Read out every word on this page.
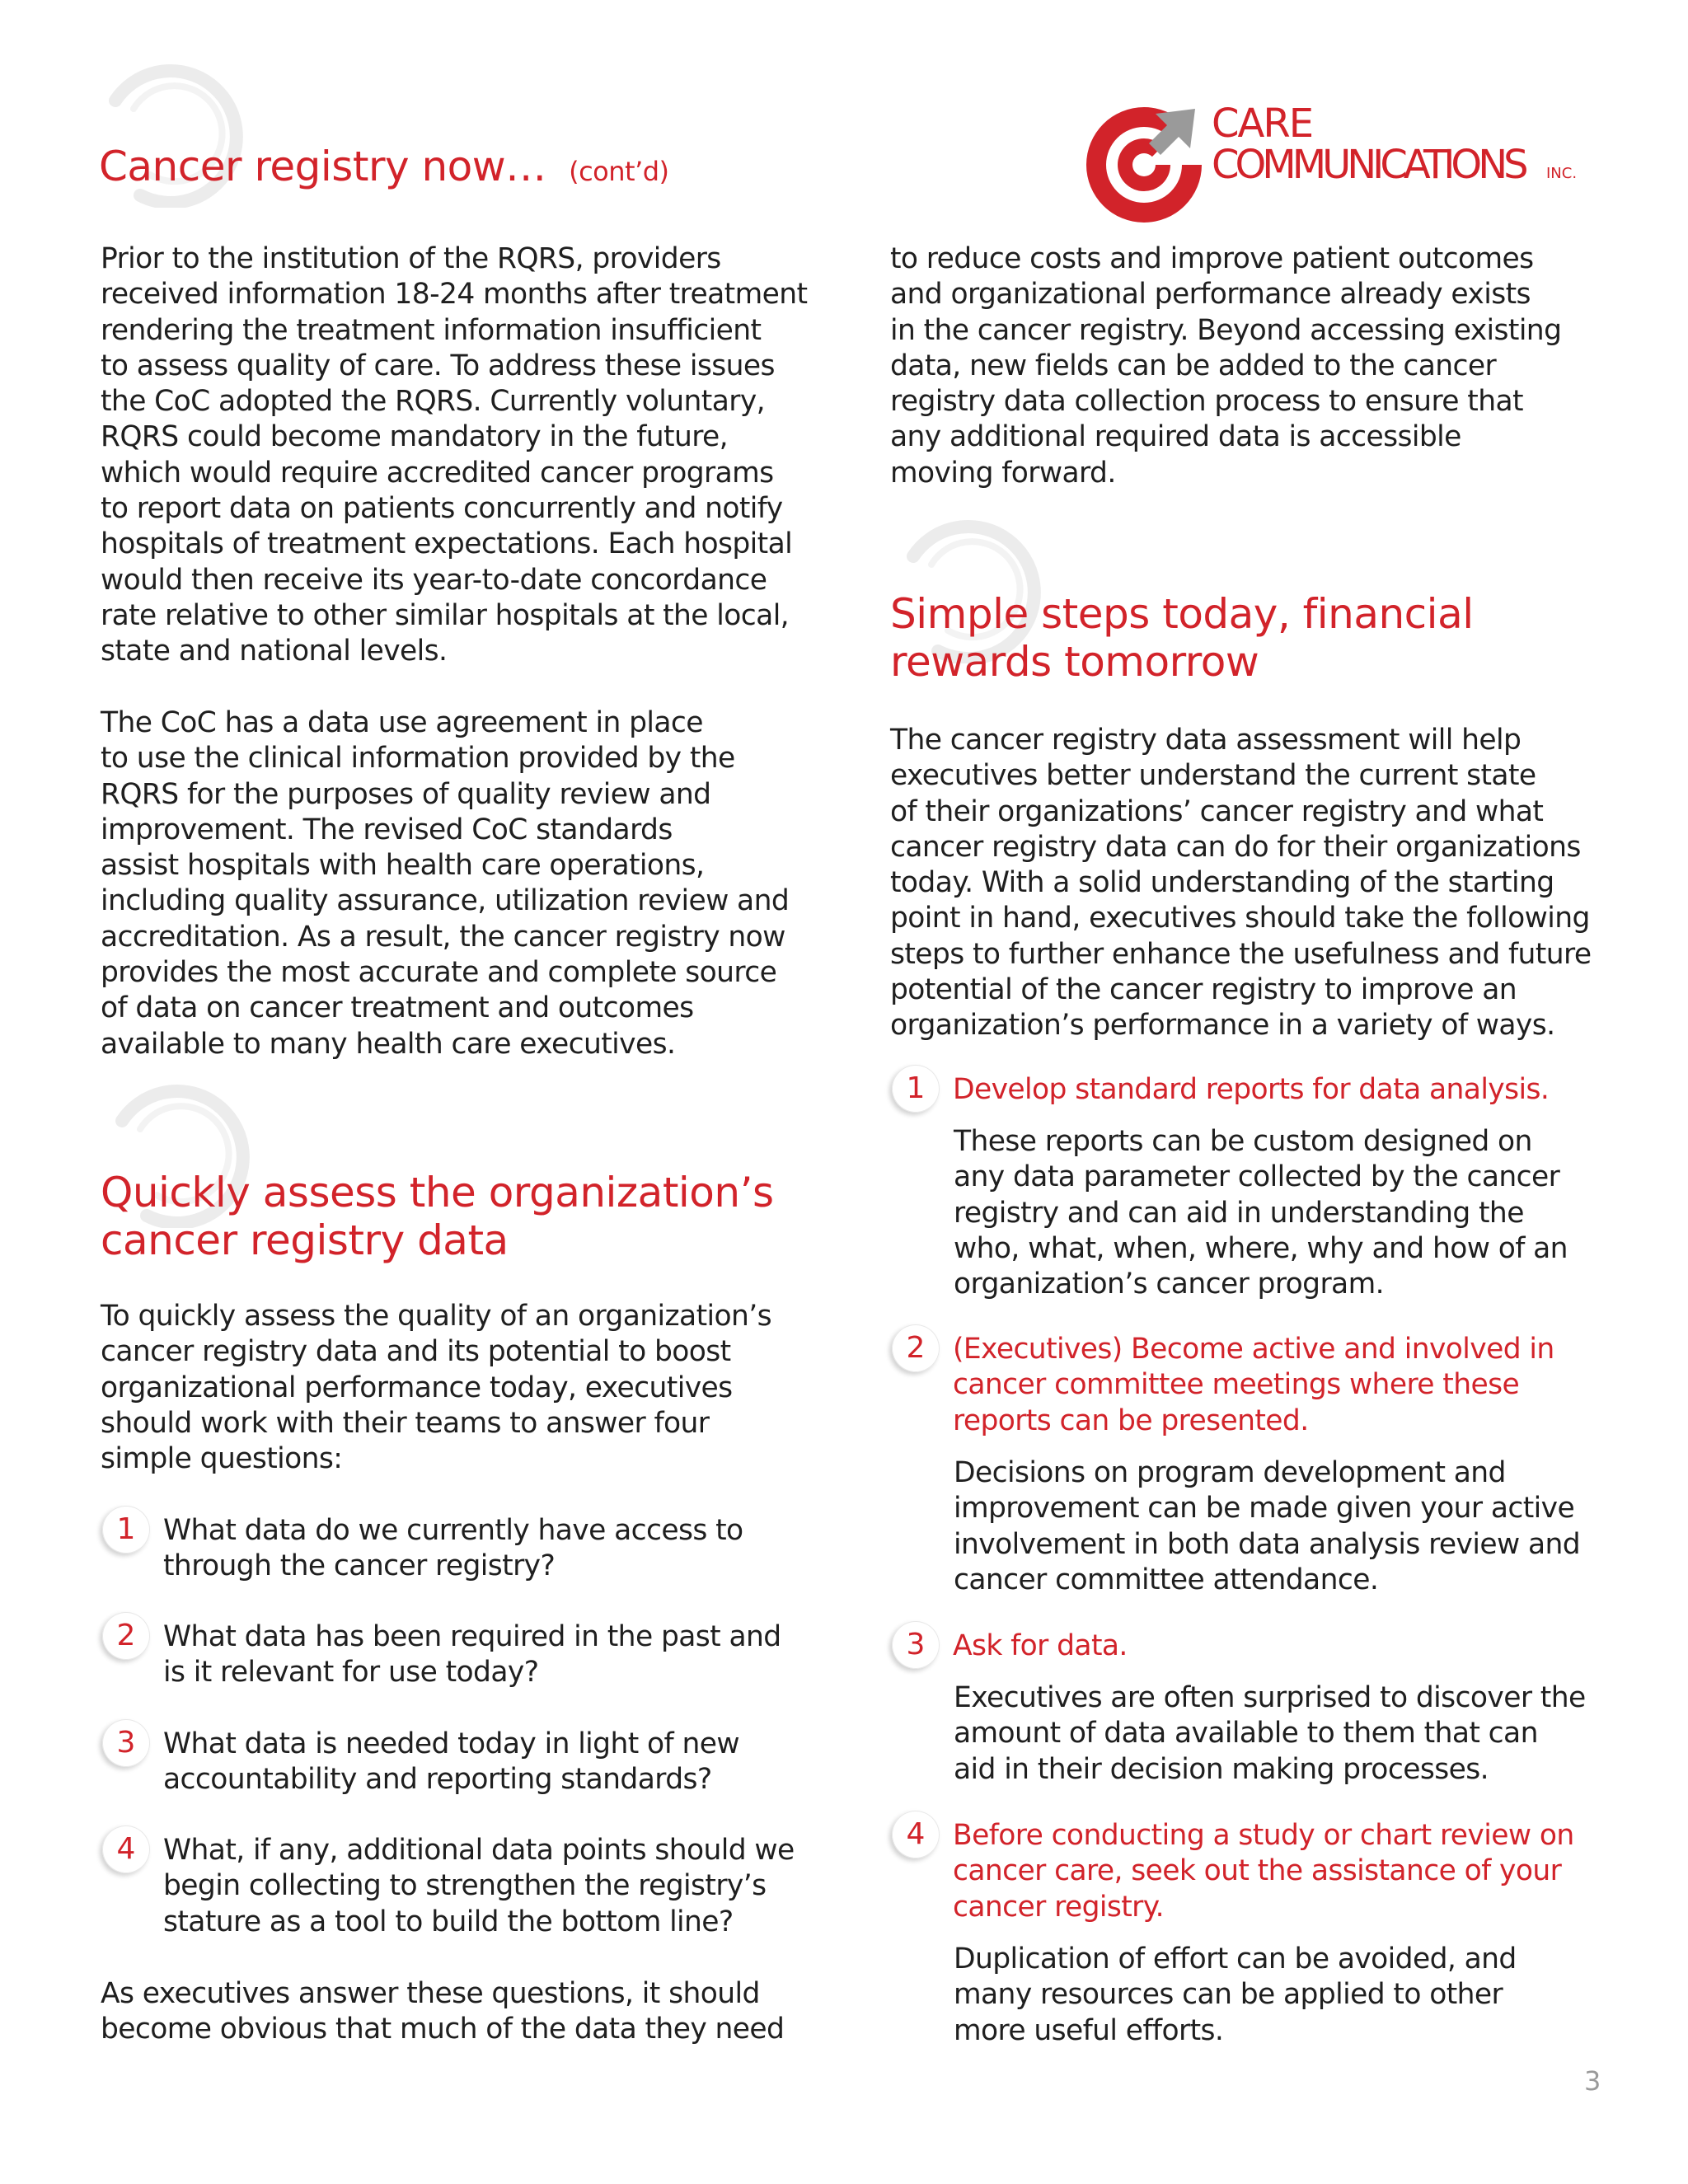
Cancer registry now… (cont’d)
CARE
COMMUNICATIONS INC.

Prior to the institution of the RQRS, providers
received information 18-24 months after treatment
rendering the treatment information insufficient
to assess quality of care. To address these issues
the CoC adopted the RQRS. Currently voluntary,
RQRS could become mandatory in the future,
which would require accredited cancer programs
to report data on patients concurrently and notify
hospitals of treatment expectations. Each hospital
would then receive its year-to-date concordance
rate relative to other similar hospitals at the local,
state and national levels.

The CoC has a data use agreement in place
to use the clinical information provided by the
RQRS for the purposes of quality review and
improvement. The revised CoC standards
assist hospitals with health care operations,
including quality assurance, utilization review and
accreditation. As a result, the cancer registry now
provides the most accurate and complete source
of data on cancer treatment and outcomes
available to many health care executives.

Quickly assess the organization’s
cancer registry data

To quickly assess the quality of an organization’s
cancer registry data and its potential to boost
organizational performance today, executives
should work with their teams to answer four
simple questions:

1 What data do we currently have access to
through the cancer registry?

2 What data has been required in the past and
is it relevant for use today?

3 What data is needed today in light of new
accountability and reporting standards?

4 What, if any, additional data points should we
begin collecting to strengthen the registry’s
stature as a tool to build the bottom line?

As executives answer these questions, it should
become obvious that much of the data they need

to reduce costs and improve patient outcomes
and organizational performance already exists
in the cancer registry. Beyond accessing existing
data, new fields can be added to the cancer
registry data collection process to ensure that
any additional required data is accessible
moving forward.

Simple steps today, financial
rewards tomorrow

The cancer registry data assessment will help
executives better understand the current state
of their organizations’ cancer registry and what
cancer registry data can do for their organizations
today. With a solid understanding of the starting
point in hand, executives should take the following
steps to further enhance the usefulness and future
potential of the cancer registry to improve an
organization’s performance in a variety of ways.

1 Develop standard reports for data analysis.

These reports can be custom designed on
any data parameter collected by the cancer
registry and can aid in understanding the
who, what, when, where, why and how of an
organization’s cancer program.

2 (Executives) Become active and involved in
cancer committee meetings where these
reports can be presented.

Decisions on program development and
improvement can be made given your active
involvement in both data analysis review and
cancer committee attendance.

3 Ask for data.

Executives are often surprised to discover the
amount of data available to them that can
aid in their decision making processes.

4 Before conducting a study or chart review on
cancer care, seek out the assistance of your
cancer registry.

Duplication of effort can be avoided, and
many resources can be applied to other
more useful efforts.

3
